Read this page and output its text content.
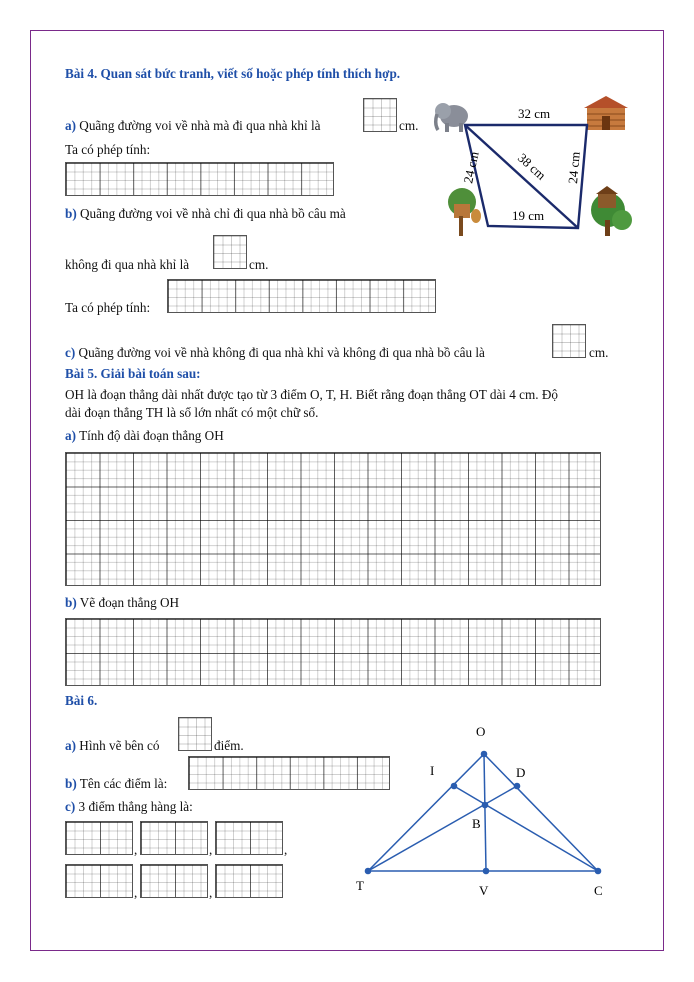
Bài 4. Quan sát bức tranh, viết số hoặc phép tính thích hợp.
a) Quãng đường voi về nhà mà đi qua nhà khỉ là	cm.
Ta có phép tính:
b) Quãng đường voi về nhà chỉ đi qua nhà bồ câu mà
không đi qua nhà khỉ là	cm.
Ta có phép tính:
c) Quãng đường voi về nhà không đi qua nhà khỉ và không đi qua nhà bồ câu là	cm.
32 cm
24 cm	24 cm
38 cm
19 cm
Bài 5. Giải bài toán sau:
OH là đoạn thẳng dài nhất được tạo từ 3 điểm O, T, H. Biết rằng đoạn thẳng OT dài 4 cm. Độ
dài đoạn thẳng TH là số lớn nhất có một chữ số.
a) Tính độ dài đoạn thẳng OH
b) Vẽ đoạn thẳng OH
Bài 6.
a) Hình vẽ bên có	điểm.
b) Tên các điểm là:
c) 3 điểm thẳng hàng là:
,	,	,
,	,
O
I	D
B
T	V	C
